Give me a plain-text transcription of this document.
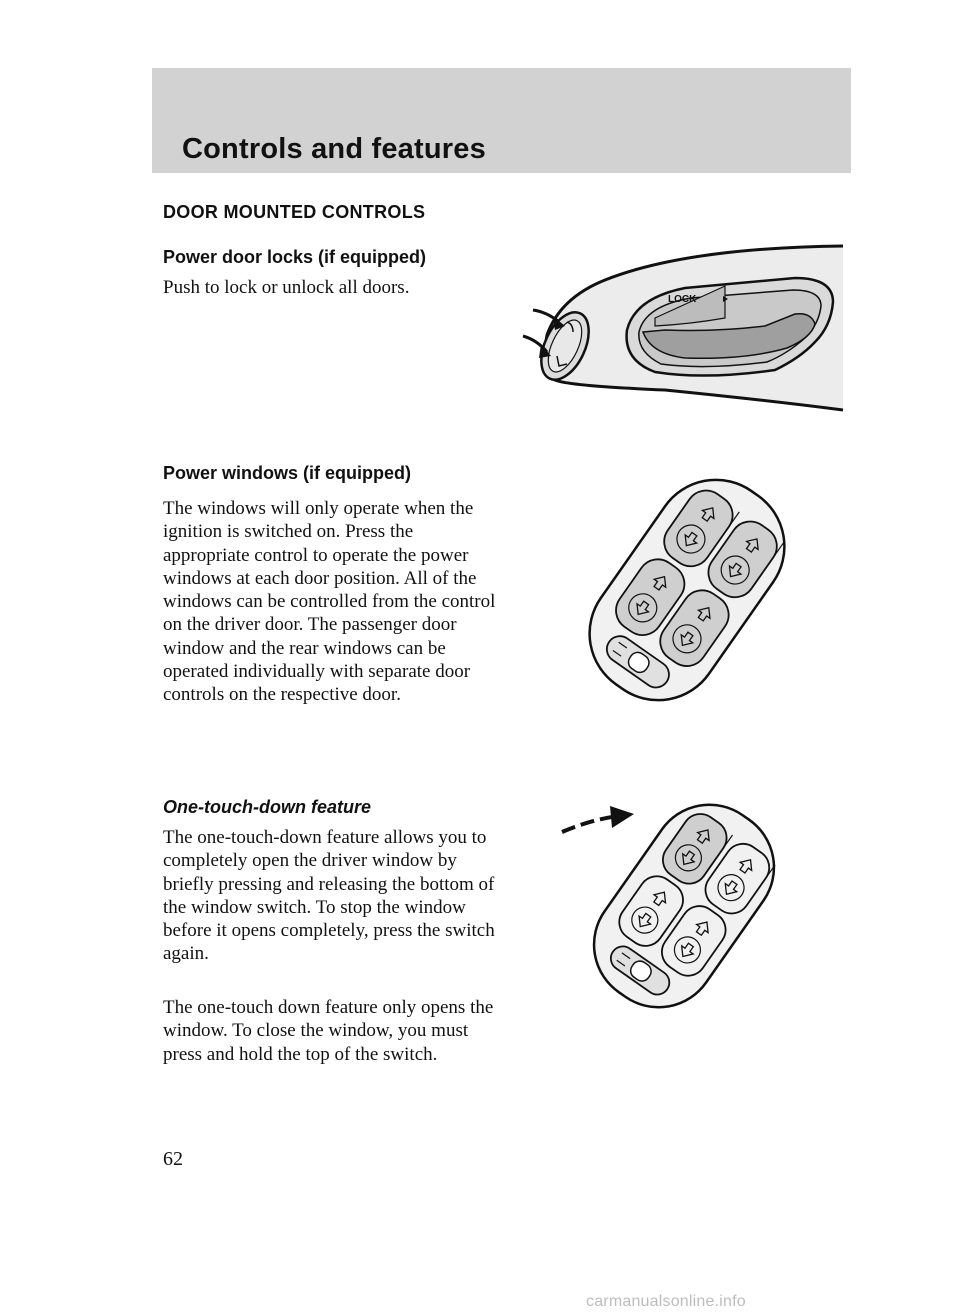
Controls and features
DOOR MOUNTED CONTROLS
Power door locks (if equipped)

Push to lock or unlock all doors.

LOCK
Power windows (if equipped)

The windows will only operate when the ignition is switched on. Press the appropriate control to operate the power windows at each door position. All of the windows can be controlled from the control on the driver door. The passenger door window and the rear windows can be operated individually with separate door controls on the respective door.

One-touch-down feature

The one-touch-down feature allows you to completely open the driver window by briefly pressing and releasing the bottom of the window switch. To stop the window before it opens completely, press the switch again.

The one-touch down feature only opens the window. To close the window, you must press and hold the top of the switch.

62

carmanualsonline.info
